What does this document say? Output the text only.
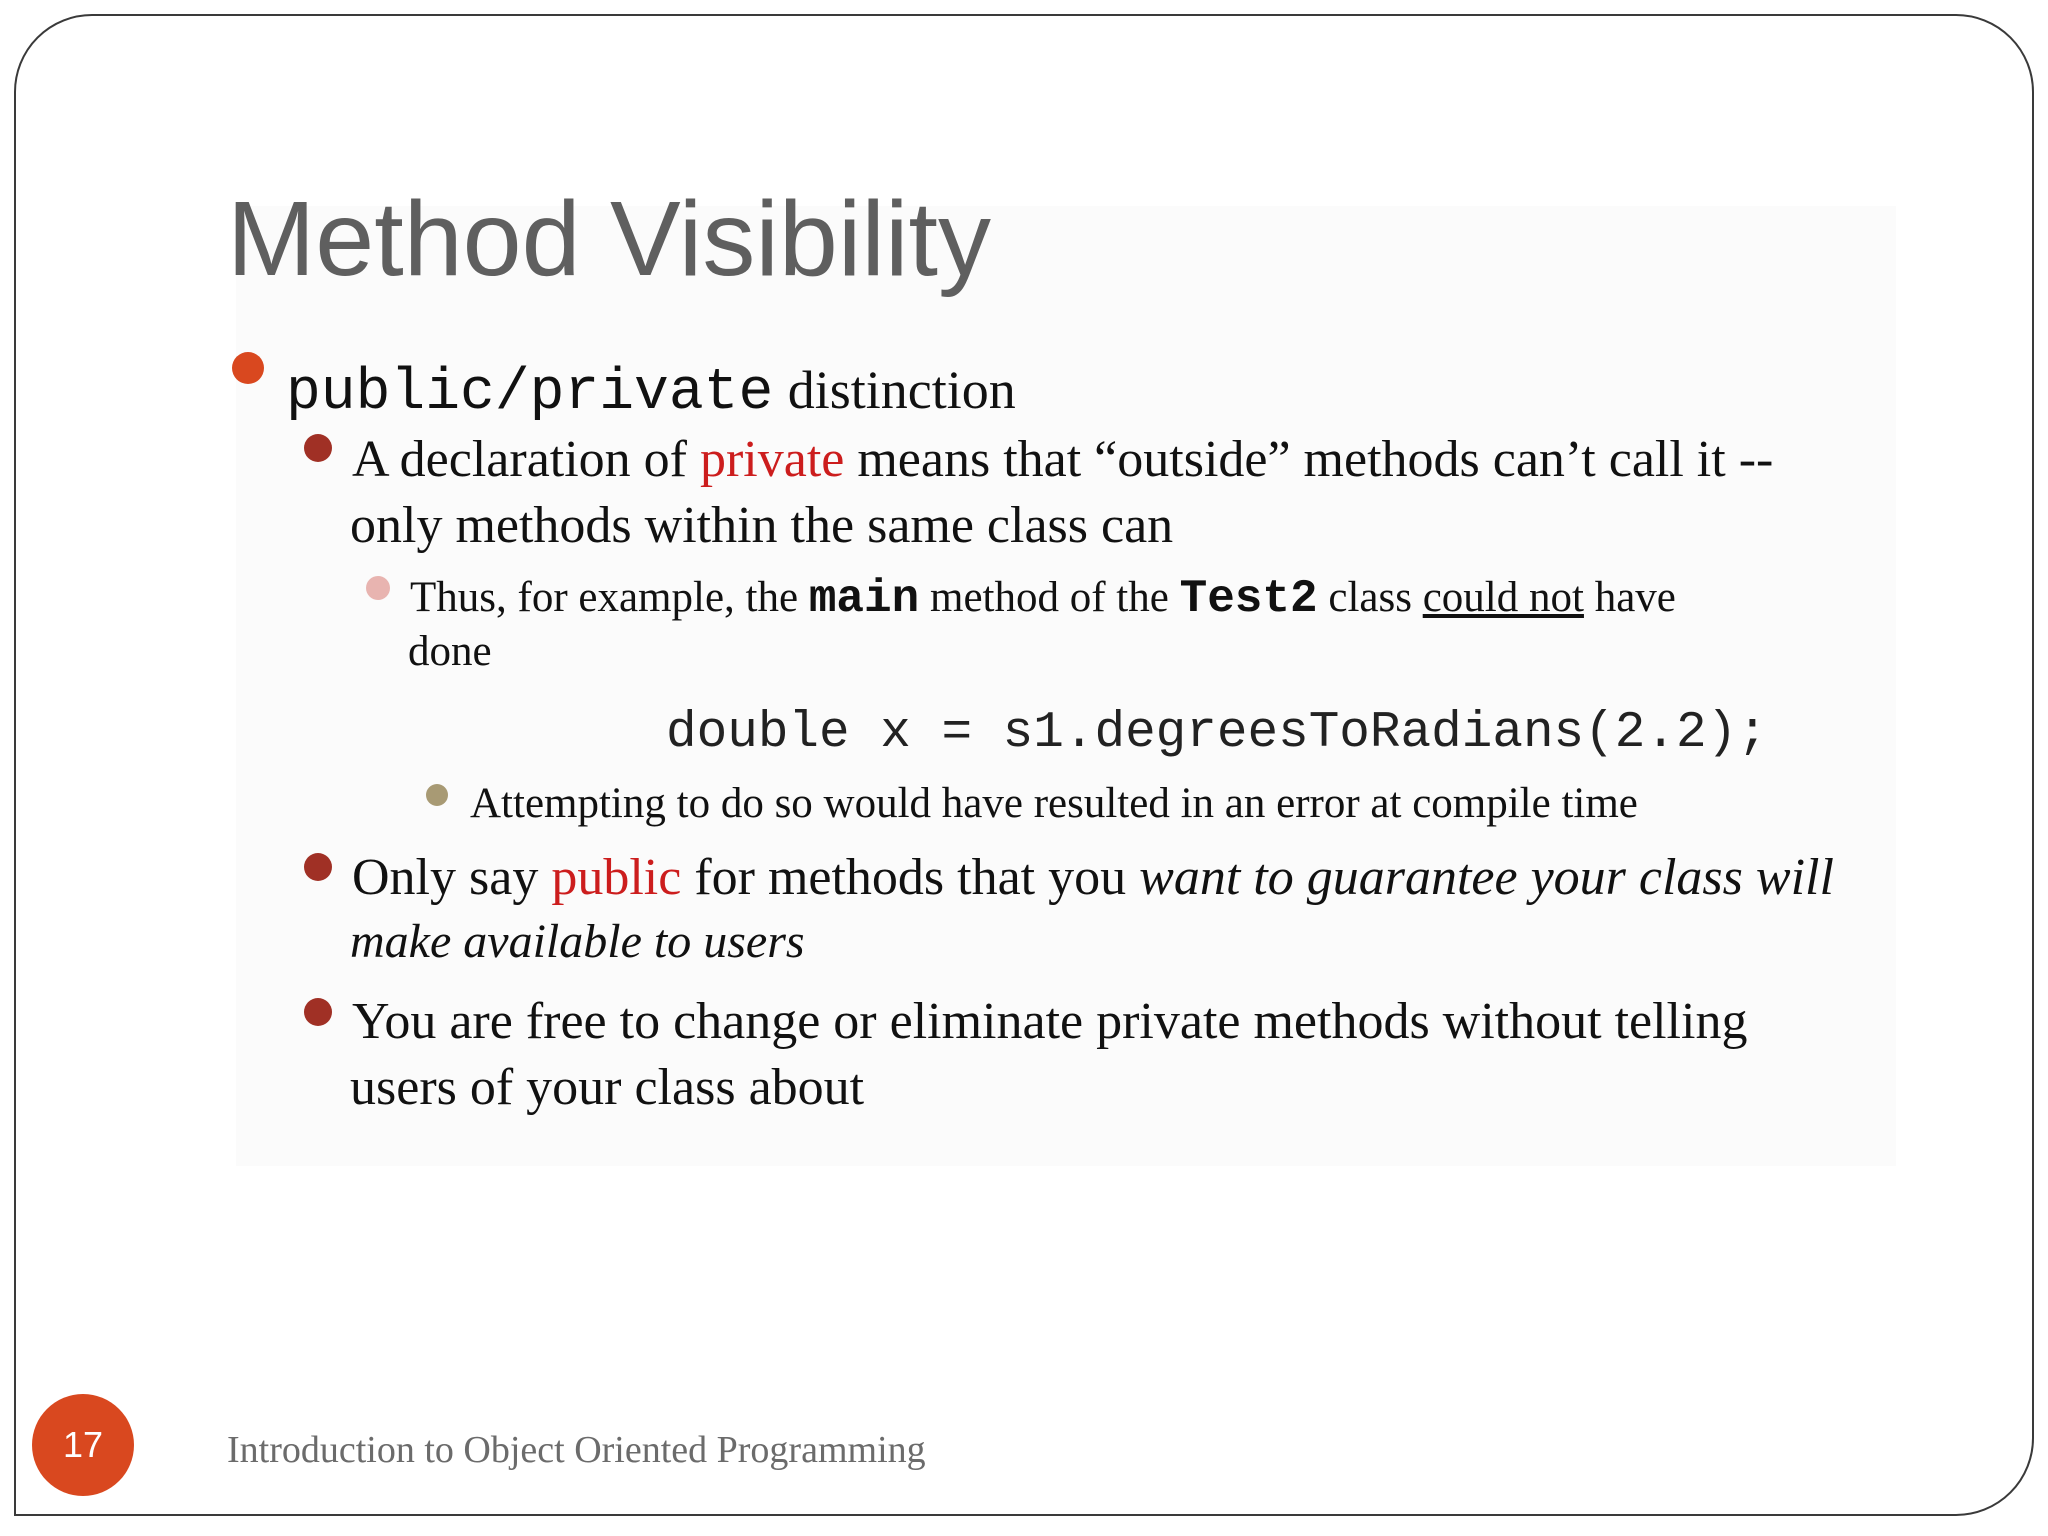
Method Visibility
public/private distinction
A declaration of private means that “outside” methods can’t call it --
only methods within the same class can
Thus, for example, the main method of the Test2 class could not have
done
double x = s1.degreesToRadians(2.2);
Attempting to do so would have resulted in an error at compile time
Only say public for methods that you want to guarantee your class will
make available to users
You are free to change or eliminate private methods without telling
users of your class about
17	Introduction to Object Oriented Programming
